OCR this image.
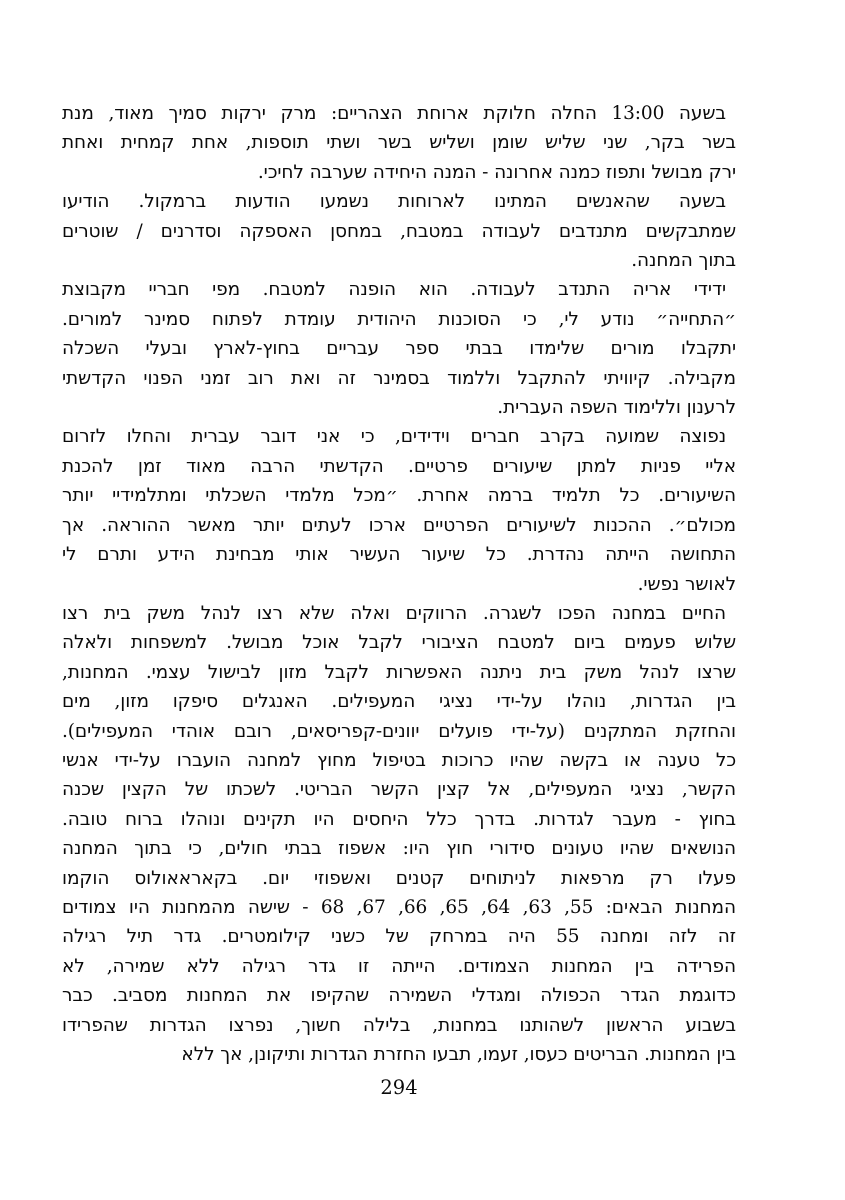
בשעה 13:00 החלה חלוקת ארוחת הצהריים: מרק ירקות סמיך מאוד, מנת
בשר בקר, שני שליש שומן ושליש בשר ושתי תוספות, אחת קמחית ואחת
ירק מבושל ותפוז כמנה אחרונה - המנה היחידה שערבה לחיכי.
בשעה שהאנשים המתינו לארוחות נשמעו הודעות ברמקול. הודיעו
שמתבקשים מתנדבים לעבודה במטבח, במחסן האספקה וסדרנים / שוטרים
בתוך המחנה.
ידידי אריה התנדב לעבודה. הוא הופנה למטבח. מפי חבריי מקבוצת
״התחייה״ נודע לי, כי הסוכנות היהודית עומדת לפתוח סמינר למורים.
יתקבלו מורים שלימדו בבתי ספר עבריים בחוץ-לארץ ובעלי השכלה
מקבילה. קיוויתי להתקבל וללמוד בסמינר זה ואת רוב זמני הפנוי הקדשתי
לרענון וללימוד השפה העברית.
נפוצה שמועה בקרב חברים וידידים, כי אני דובר עברית והחלו לזרום
אליי פניות למתן שיעורים פרטיים. הקדשתי הרבה מאוד זמן להכנת
השיעורים. כל תלמיד ברמה אחרת. ״מכל מלמדי השכלתי ומתלמידיי יותר
מכולם״. ההכנות לשיעורים הפרטיים ארכו לעתים יותר מאשר ההוראה. אך
התחושה הייתה נהדרת. כל שיעור העשיר אותי מבחינת הידע ותרם לי
לאושר נפשי.
החיים במחנה הפכו לשגרה. הרווקים ואלה שלא רצו לנהל משק בית רצו
שלוש פעמים ביום למטבח הציבורי לקבל אוכל מבושל. למשפחות ולאלה
שרצו לנהל משק בית ניתנה האפשרות לקבל מזון לבישול עצמי. המחנות,
בין הגדרות, נוהלו על-ידי נציגי המעפילים. האנגלים סיפקו מזון, מים
והחזקת המתקנים (על-ידי פועלים יוונים-קפריסאים, רובם אוהדי המעפילים).
כל טענה או בקשה שהיו כרוכות בטיפול מחוץ למחנה הועברו על-ידי אנשי
הקשר, נציגי המעפילים, אל קצין הקשר הבריטי. לשכתו של הקצין שכנה
בחוץ - מעבר לגדרות. בדרך כלל היחסים היו תקינים ונוהלו ברוח טובה.
הנושאים שהיו טעונים סידורי חוץ היו: אשפוז בבתי חולים, כי בתוך המחנה
פעלו רק מרפאות לניתוחים קטנים ואשפוזי יום. בקאראאולוס הוקמו
המחנות הבאים: 55, 63, 64, 65, 66, 67, 68 - שישה מהמחנות היו צמודים
זה לזה ומחנה 55 היה במרחק של כשני קילומטרים. גדר תיל רגילה
הפרידה בין המחנות הצמודים. הייתה זו גדר רגילה ללא שמירה, לא
כדוגמת הגדר הכפולה ומגדלי השמירה שהקיפו את המחנות מסביב. כבר
בשבוע הראשון לשהותנו במחנות, בלילה חשוך, נפרצו הגדרות שהפרידו
בין המחנות. הבריטים כעסו, זעמו, תבעו החזרת הגדרות ותיקונן, אך ללא
294
